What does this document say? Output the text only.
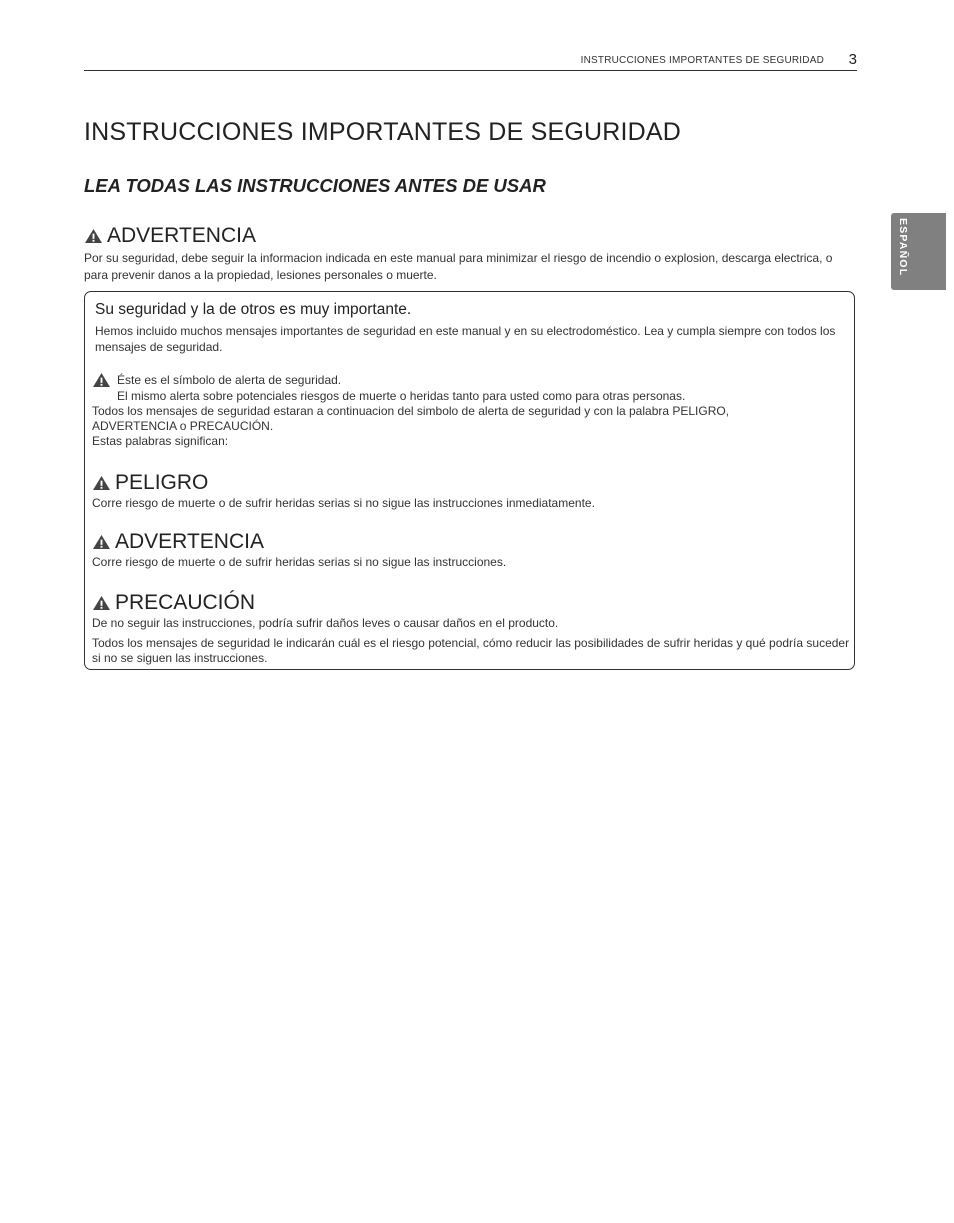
INSTRUCCIONES IMPORTANTES DE SEGURIDAD 3
ESPAÑOL
INSTRUCCIONES IMPORTANTES DE SEGURIDAD
LEA TODAS LAS INSTRUCCIONES ANTES DE USAR
ADVERTENCIA

Por su seguridad, debe seguir la informacion indicada en este manual para minimizar el riesgo de incendio o explosion, descarga electrica, o para prevenir danos a la propiedad, lesiones personales o muerte.

Su seguridad y la de otros es muy importante.

Hemos incluido muchos mensajes importantes de seguridad en este manual y en su electrodoméstico. Lea y cumpla siempre con todos los mensajes de seguridad.

Éste es el símbolo de alerta de seguridad.
El mismo alerta sobre potenciales riesgos de muerte o heridas tanto para usted como para otras personas.
Todos los mensajes de seguridad estaran a continuacion del simbolo de alerta de seguridad y con la palabra PELIGRO,
ADVERTENCIA o PRECAUCIÓN.
Estas palabras significan:
PELIGRO

Corre riesgo de muerte o de sufrir heridas serias si no sigue las instrucciones inmediatamente.

ADVERTENCIA

Corre riesgo de muerte o de sufrir heridas serias si no sigue las instrucciones.

PRECAUCIÓN

De no seguir las instrucciones, podría sufrir daños leves o causar daños en el producto.

Todos los mensajes de seguridad le indicarán cuál es el riesgo potencial, cómo reducir las posibilidades de sufrir heridas y qué podría suceder si no se siguen las instrucciones.
